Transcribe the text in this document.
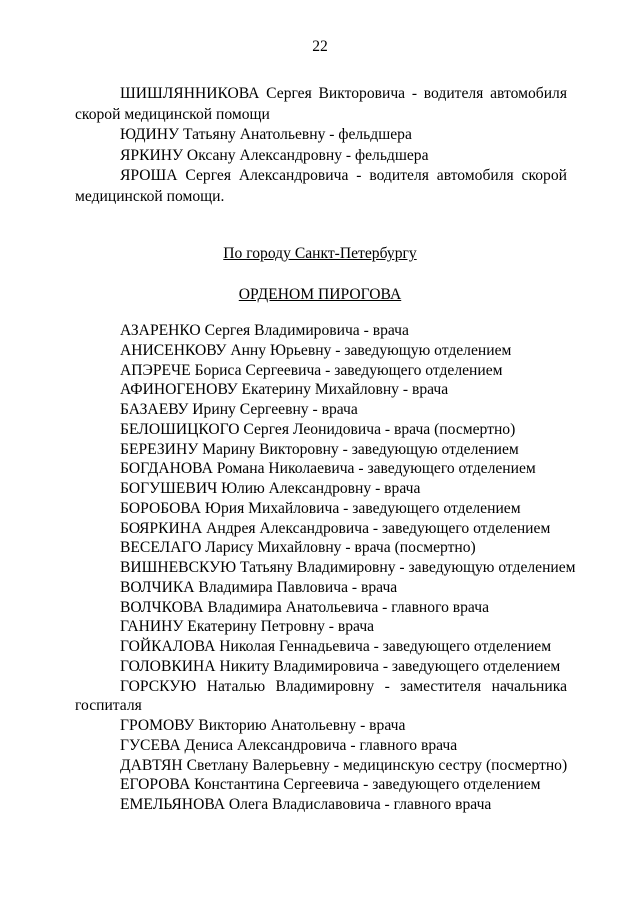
22

ШИШЛЯННИКОВА Сергея Викторовича - водителя автомобиля скорой медицинской помощи

ЮДИНУ Татьяну Анатольевну - фельдшера

ЯРКИНУ Оксану Александровну - фельдшера

ЯРОША Сергея Александровича - водителя автомобиля скорой медицинской помощи.

По городу Санкт-Петербургу
ОРДЕНОМ ПИРОГОВА

АЗАРЕНКО Сергея Владимировича - врача

АНИСЕНКОВУ Анну Юрьевну - заведующую отделением

АПЭРЕЧЕ Бориса Сергеевича - заведующего отделением

АФИНОГЕНОВУ Екатерину Михайловну - врача

БАЗАЕВУ Ирину Сергеевну - врача

БЕЛОШИЦКОГО Сергея Леонидовича - врача (посмертно)

БЕРЕЗИНУ Марину Викторовну - заведующую отделением

БОГДАНОВА Романа Николаевича - заведующего отделением

БОГУШЕВИЧ Юлию Александровну - врача

БОРОБОВА Юрия Михайловича - заведующего отделением

БОЯРКИНА Андрея Александровича - заведующего отделением

ВЕСЕЛАГО Ларису Михайловну - врача (посмертно)

ВИШНЕВСКУЮ Татьяну Владимировну - заведующую отделением

ВОЛЧИКА Владимира Павловича - врача

ВОЛЧКОВА Владимира Анатольевича - главного врача

ГАНИНУ Екатерину Петровну - врача

ГОЙКАЛОВА Николая Геннадьевича - заведующего отделением

ГОЛОВКИНА Никиту Владимировича - заведующего отделением

ГОРСКУЮ Наталью Владимировну - заместителя начальника госпиталя

ГРОМОВУ Викторию Анатольевну - врача

ГУСЕВА Дениса Александровича - главного врача

ДАВТЯН Светлану Валерьевну - медицинскую сестру (посмертно)

ЕГОРОВА Константина Сергеевича - заведующего отделением

ЕМЕЛЬЯНОВА Олега Владиславовича - главного врача
